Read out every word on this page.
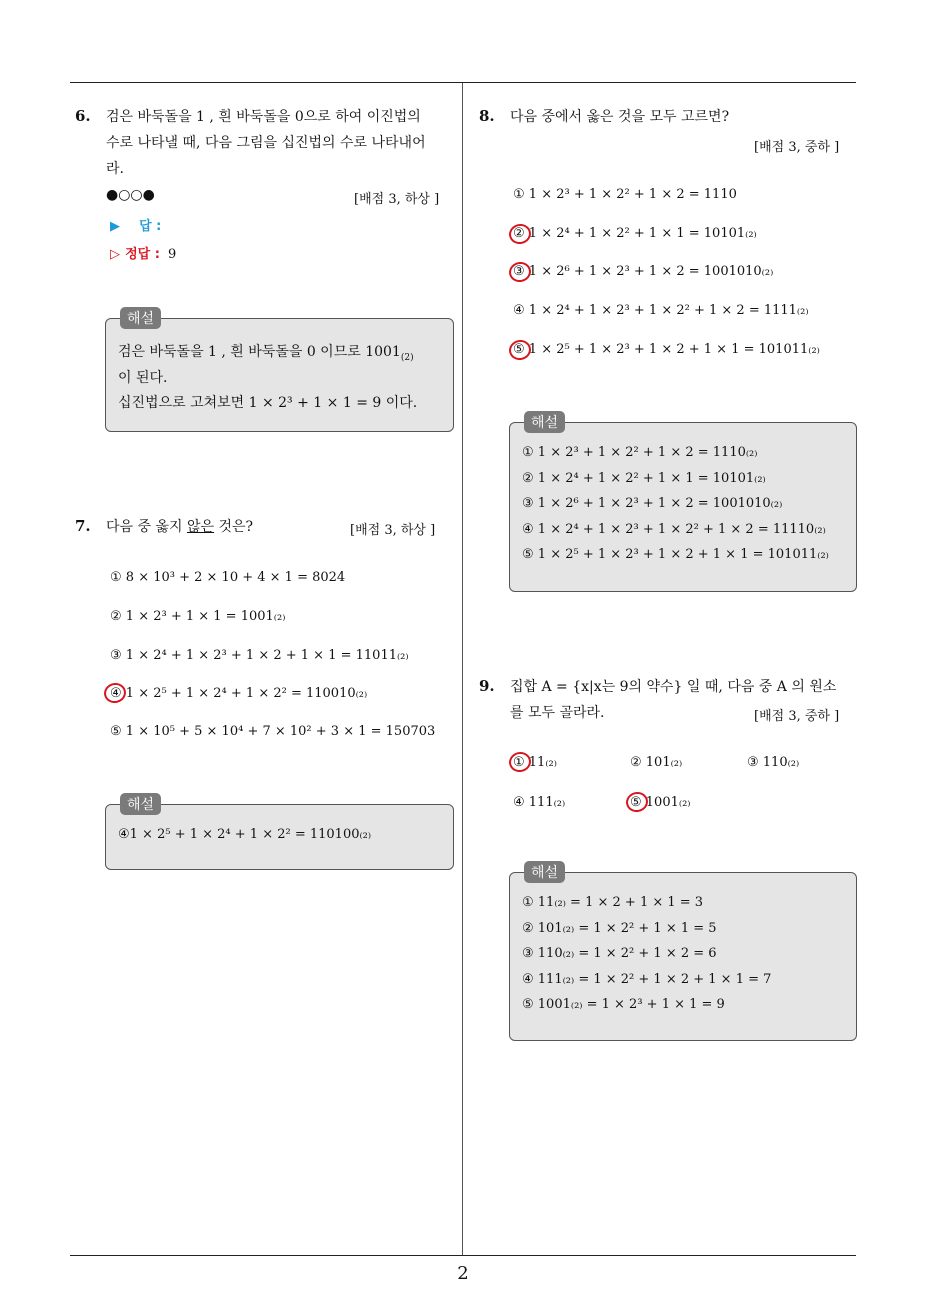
2
6. 검은 바둑돌을 1 , 흰 바둑돌을 0으로 하여 이진법의
수로 나타낼 때, 다음 그림을 십진법의 수로 나타내어
라.
●○○●	[배점 3, 하상 ]
▶ 답 :
▷ 정답 : 9
해설
검은 바둑돌을 1 , 흰 바둑돌을 0 이므로 $1001_{(2)}$
이 된다.
십진법으로 고쳐보면 1 × 2³ + 1 × 1 = 9 이다.
7. 다음 중 옳지 않은 것은?	[배점 3, 하상 ]
① 8 × 10³ + 2 × 10 + 4 × 1 = 8024
② 1 × 2³ + 1 × 1 = 1001₍₂₎
③ 1 × 2⁴ + 1 × 2³ + 1 × 2 + 1 × 1 = 11011₍₂₎
④ 1 × 2⁵ + 1 × 2⁴ + 1 × 2² = 110010₍₂₎
⑤ 1 × 10⁵ + 5 × 10⁴ + 7 × 10² + 3 × 1 = 150703
해설
④1 × 2⁵ + 1 × 2⁴ + 1 × 2² = 110100₍₂₎
8. 다음 중에서 옳은 것을 모두 고르면?
[배점 3, 중하 ]
① 1 × 2³ + 1 × 2² + 1 × 2 = 1110
② 1 × 2⁴ + 1 × 2² + 1 × 1 = 10101₍₂₎
③ 1 × 2⁶ + 1 × 2³ + 1 × 2 = 1001010₍₂₎
④ 1 × 2⁴ + 1 × 2³ + 1 × 2² + 1 × 2 = 1111₍₂₎
⑤ 1 × 2⁵ + 1 × 2³ + 1 × 2 + 1 × 1 = 101011₍₂₎
해설
① 1 × 2³ + 1 × 2² + 1 × 2 = 1110₍₂₎
② 1 × 2⁴ + 1 × 2² + 1 × 1 = 10101₍₂₎
③ 1 × 2⁶ + 1 × 2³ + 1 × 2 = 1001010₍₂₎
④ 1 × 2⁴ + 1 × 2³ + 1 × 2² + 1 × 2 = 11110₍₂₎
⑤ 1 × 2⁵ + 1 × 2³ + 1 × 2 + 1 × 1 = 101011₍₂₎
9. 집합 A = {x|x는 9의 약수} 일 때, 다음 중 A 의 원소
를 모두 골라라.	[배점 3, 중하 ]
① 11₍₂₎	② 101₍₂₎	③ 110₍₂₎
④ 111₍₂₎	⑤ 1001₍₂₎
해설
① 11₍₂₎ = 1 × 2 + 1 × 1 = 3
② 101₍₂₎ = 1 × 2² + 1 × 1 = 5
③ 110₍₂₎ = 1 × 2² + 1 × 2 = 6
④ 111₍₂₎ = 1 × 2² + 1 × 2 + 1 × 1 = 7
⑤ 1001₍₂₎ = 1 × 2³ + 1 × 1 = 9
